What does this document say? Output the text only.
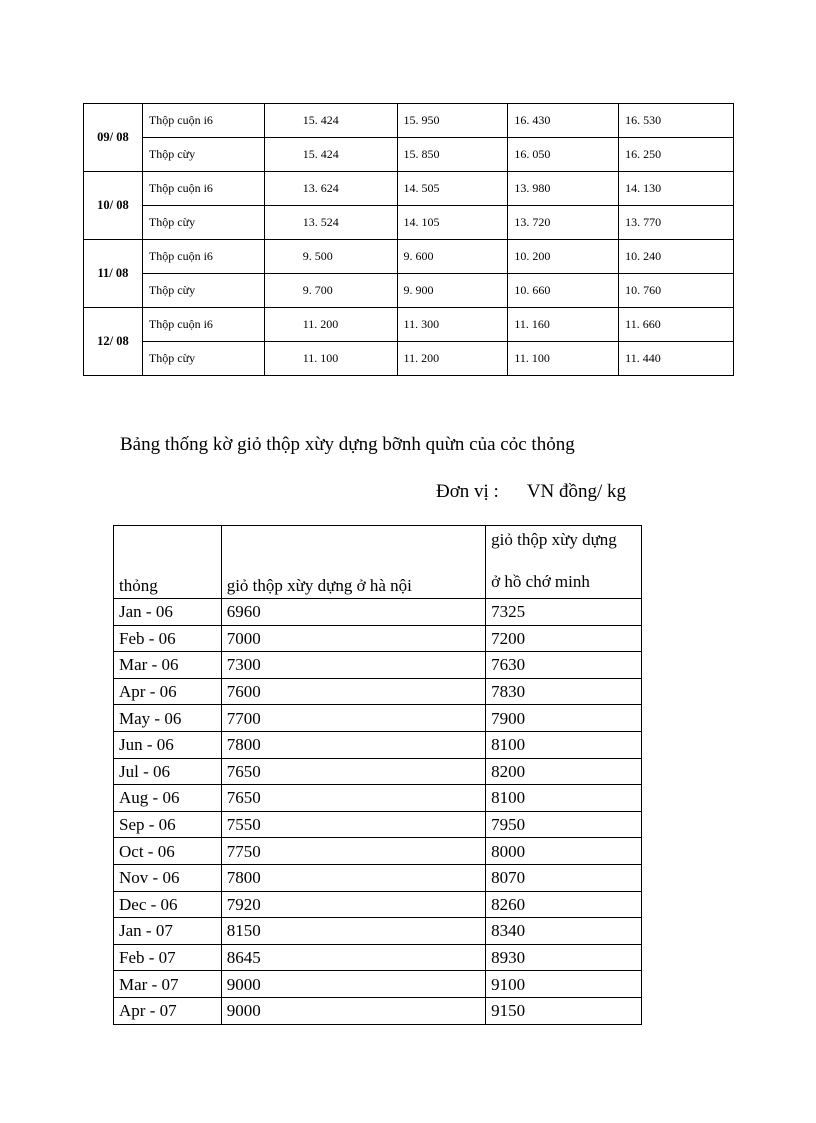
09/ 08	Thộp cuộn i6	15. 424	15. 950	16. 430	16. 530
	Thộp cừy	15. 424	15. 850	16. 050	16. 250
10/ 08	Thộp cuộn i6	13. 624	14. 505	13. 980	14. 130
	Thộp cừy	13. 524	14. 105	13. 720	13. 770
11/ 08	Thộp cuộn i6	9. 500	9. 600	10. 200	10. 240
	Thộp cừy	9. 700	9. 900	10. 660	10. 760
12/ 08	Thộp cuộn i6	11. 200	11. 300	11. 160	11. 660
	Thộp cừy	11. 100	11. 200	11. 100	11. 440
Bảng thống kờ giỏ thộp xừy dựng bỡnh quừn của cỏc thỏng
Đơn vị : VN đồng/ kg
thỏng	giỏ thộp xừy dựng ở hà nội	giỏ thộp xừy dựng
ở hồ chớ minh

Jan - 06	6960	7325
Feb - 06	7000	7200
Mar - 06	7300	7630
Apr - 06	7600	7830
May - 06	7700	7900
Jun - 06	7800	8100
Jul - 06	7650	8200
Aug - 06	7650	8100
Sep - 06	7550	7950
Oct - 06	7750	8000
Nov - 06	7800	8070
Dec - 06	7920	8260
Jan - 07	8150	8340
Feb - 07	8645	8930
Mar - 07	9000	9100
Apr - 07	9000	9150
